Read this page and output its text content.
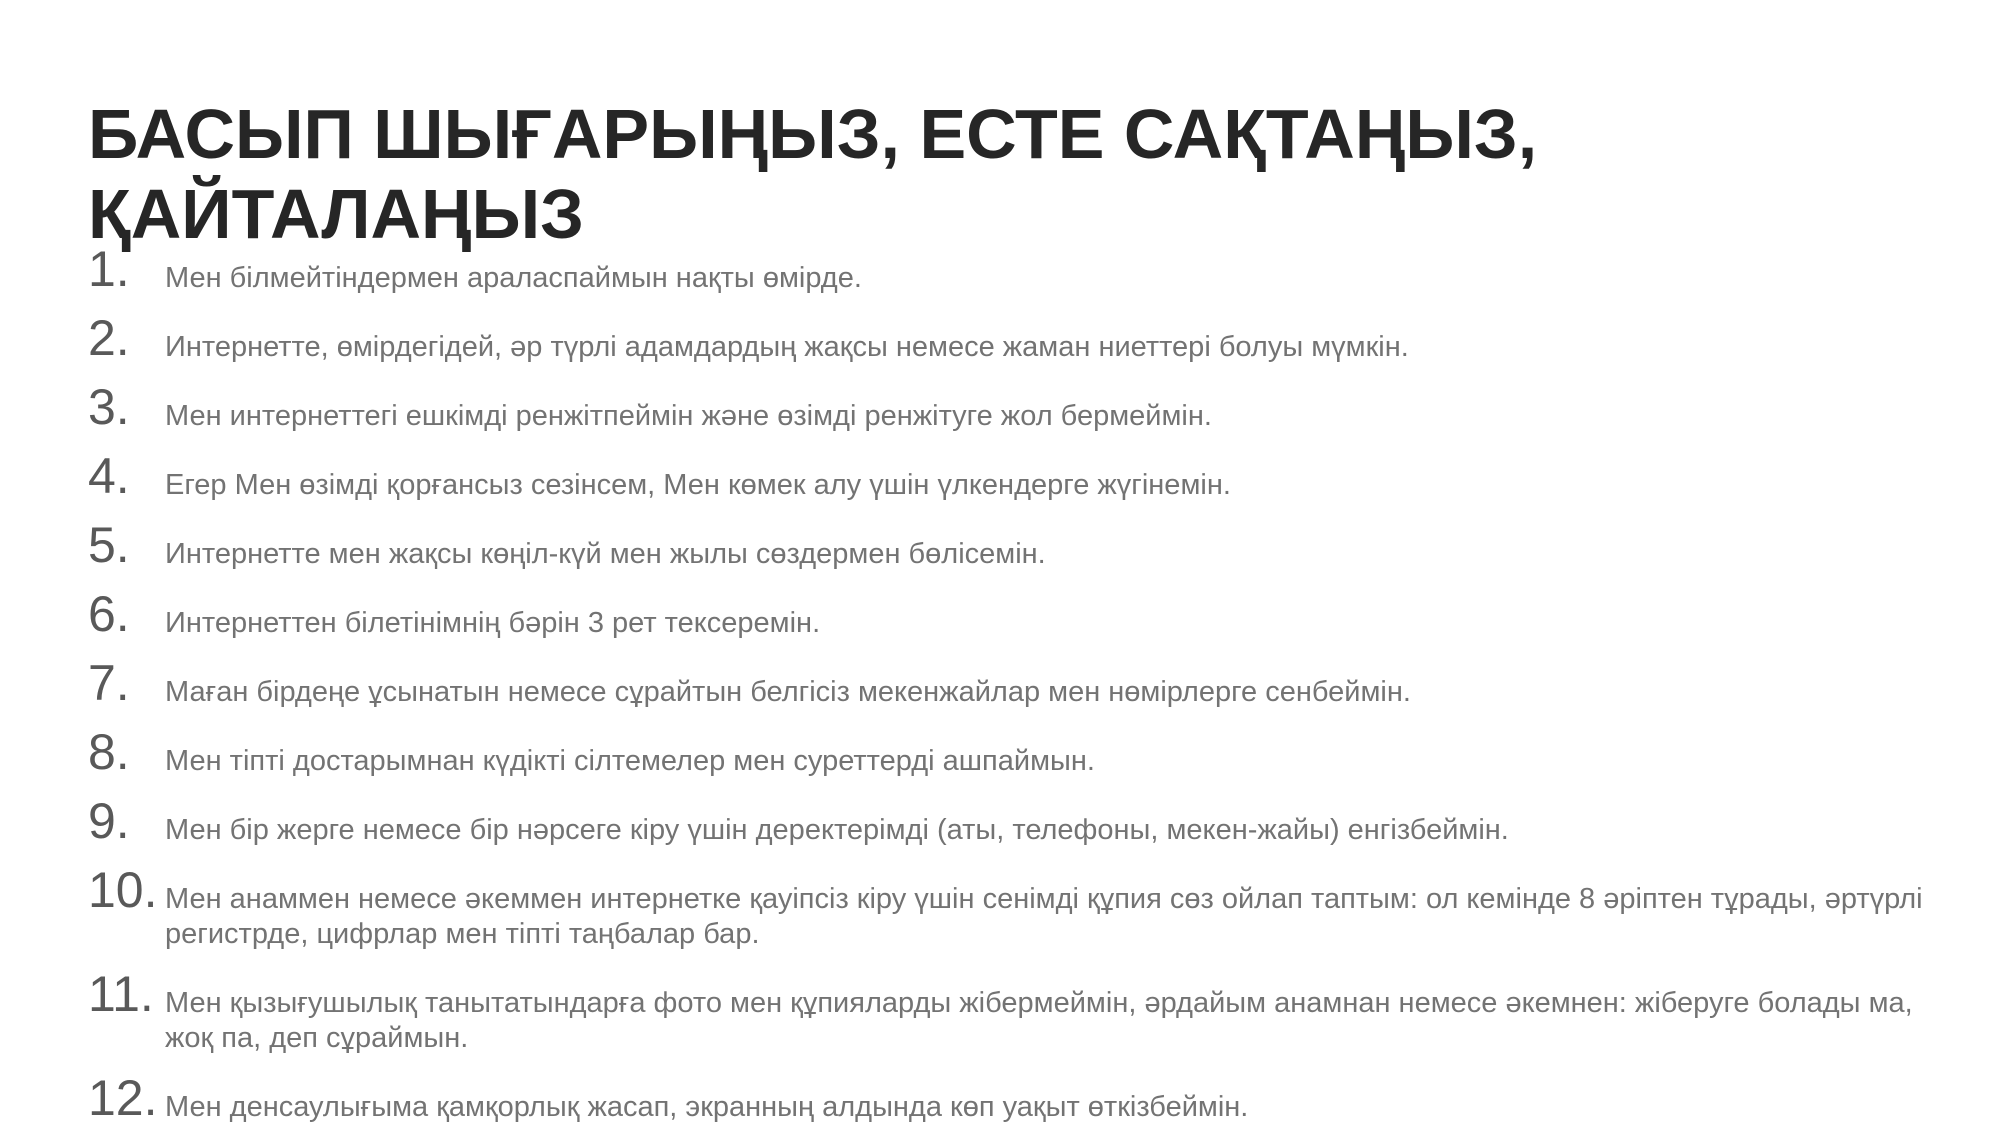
БАСЫП ШЫҒАРЫҢЫЗ, ЕСТЕ САҚТАҢЫЗ, ҚАЙТАЛАҢЫЗ
1. Мен білмейтіндермен араласпаймын нақты өмірде.
2. Интернетте, өмірдегідей, әр түрлі адамдардың жақсы немесе жаман ниеттері болуы мүмкін.
3. Мен интернеттегі ешкімді ренжітпеймін және өзімді ренжітуге жол бермеймін.
4. Егер Мен өзімді қорғансыз сезінсем, Мен көмек алу үшін үлкендерге жүгінемін.
5. Интернетте мен жақсы көңіл-күй мен жылы сөздермен бөлісемін.
6. Интернеттен білетінімнің бәрін 3 рет тексеремін.
7. Маған бірдеңе ұсынатын немесе сұрайтын белгісіз мекенжайлар мен нөмірлерге сенбеймін.
8. Мен тіпті достарымнан күдікті сілтемелер мен суреттерді ашпаймын.
9. Мен бір жерге немесе бір нәрсеге кіру үшін деректерімді (аты, телефоны, мекен-жайы) енгізбеймін.
10. Мен анаммен немесе әкеммен интернетке қауіпсіз кіру үшін сенімді құпия сөз ойлап таптым: ол кемінде 8 әріптен тұрады, әртүрлі регистрде, цифрлар мен тіпті таңбалар бар.
11. Мен қызығушылық танытатындарға фото мен құпияларды жібермеймін, әрдайым анамнан немесе әкемнен: жіберуге болады ма, жоқ па, деп сұраймын.
12. Мен денсаулығыма қамқорлық жасап, экранның алдында көп уақыт өткізбеймін.
